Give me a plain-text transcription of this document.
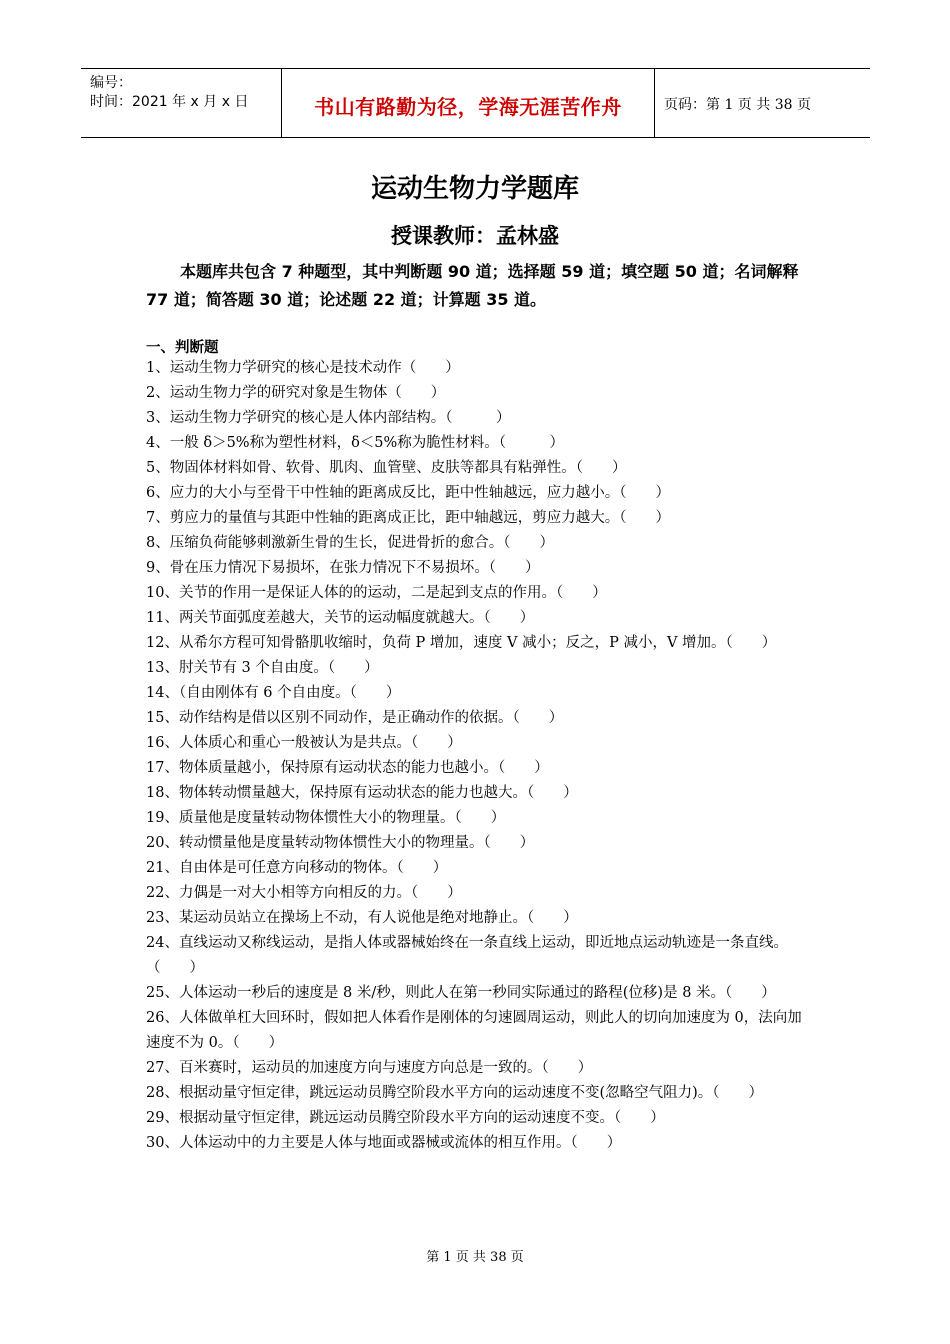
编号：
时间：2021 年 x 月 x 日	书山有路勤为径，学海无涯苦作舟	页码：第 1 页 共 38 页
运动生物力学题库
授课教师：孟林盛
本题库共包含 7 种题型，其中判断题 90 道；选择题 59 道；填空题 50 道；名词解释 77 道；简答题 30 道；论述题 22 道；计算题 35 道。
一、判断题
1、运动生物力学研究的核心是技术动作（　　）
2、运动生物力学的研究对象是生物体（　　）
3、运动生物力学研究的核心是人体内部结构。（　　　）
4、一般 δ＞5%称为塑性材料，δ＜5%称为脆性材料。（　　　）
5、物固体材料如骨、软骨、肌肉、血管壁、皮肤等都具有粘弹性。（　　）
6、应力的大小与至骨干中性轴的距离成反比，距中性轴越远，应力越小。（　　）
7、剪应力的量值与其距中性轴的距离成正比，距中轴越远，剪应力越大。（　　）
8、压缩负荷能够刺激新生骨的生长，促进骨折的愈合。（　　）
9、骨在压力情况下易损坏，在张力情况下不易损坏。（　　）
10、关节的作用一是保证人体的的运动，二是起到支点的作用。（　　）
11、两关节面弧度差越大，关节的运动幅度就越大。（　　）
12、从希尔方程可知骨骼肌收缩时，负荷 P 增加，速度 V 减小；反之，P 减小，V 增加。（　　）
13、肘关节有 3 个自由度。（　　）
14、（自由刚体有 6 个自由度。（　　）
15、动作结构是借以区别不同动作，是正确动作的依据。（　　）
16、人体质心和重心一般被认为是共点。（　　）
17、物体质量越小，保持原有运动状态的能力也越小。（　　）
18、物体转动惯量越大，保持原有运动状态的能力也越大。（　　）
19、质量他是度量转动物体惯性大小的物理量。（　　）
20、转动惯量他是度量转动物体惯性大小的物理量。（　　）
21、自由体是可任意方向移动的物体。（　　）
22、力偶是一对大小相等方向相反的力。（　　）
23、某运动员站立在操场上不动，有人说他是绝对地静止。（　　）
24、直线运动又称线运动，是指人体或器械始终在一条直线上运动，即近地点运动轨迹是一条直线。（　　）
25、人体运动一秒后的速度是 8 米/秒，则此人在第一秒同实际通过的路程(位移)是 8 米。（　　）
26、人体做单杠大回环时，假如把人体看作是刚体的匀速圆周运动，则此人的切向加速度为 0，法向加速度不为 0。（　　）
27、百米赛时，运动员的加速度方向与速度方向总是一致的。（　　）
28、根据动量守恒定律，跳远运动员腾空阶段水平方向的运动速度不变(忽略空气阻力)。（　　）
29、根据动量守恒定律，跳远运动员腾空阶段水平方向的运动速度不变。（　　）
30、人体运动中的力主要是人体与地面或器械或流体的相互作用。（　　）
第 1 页 共 38 页
